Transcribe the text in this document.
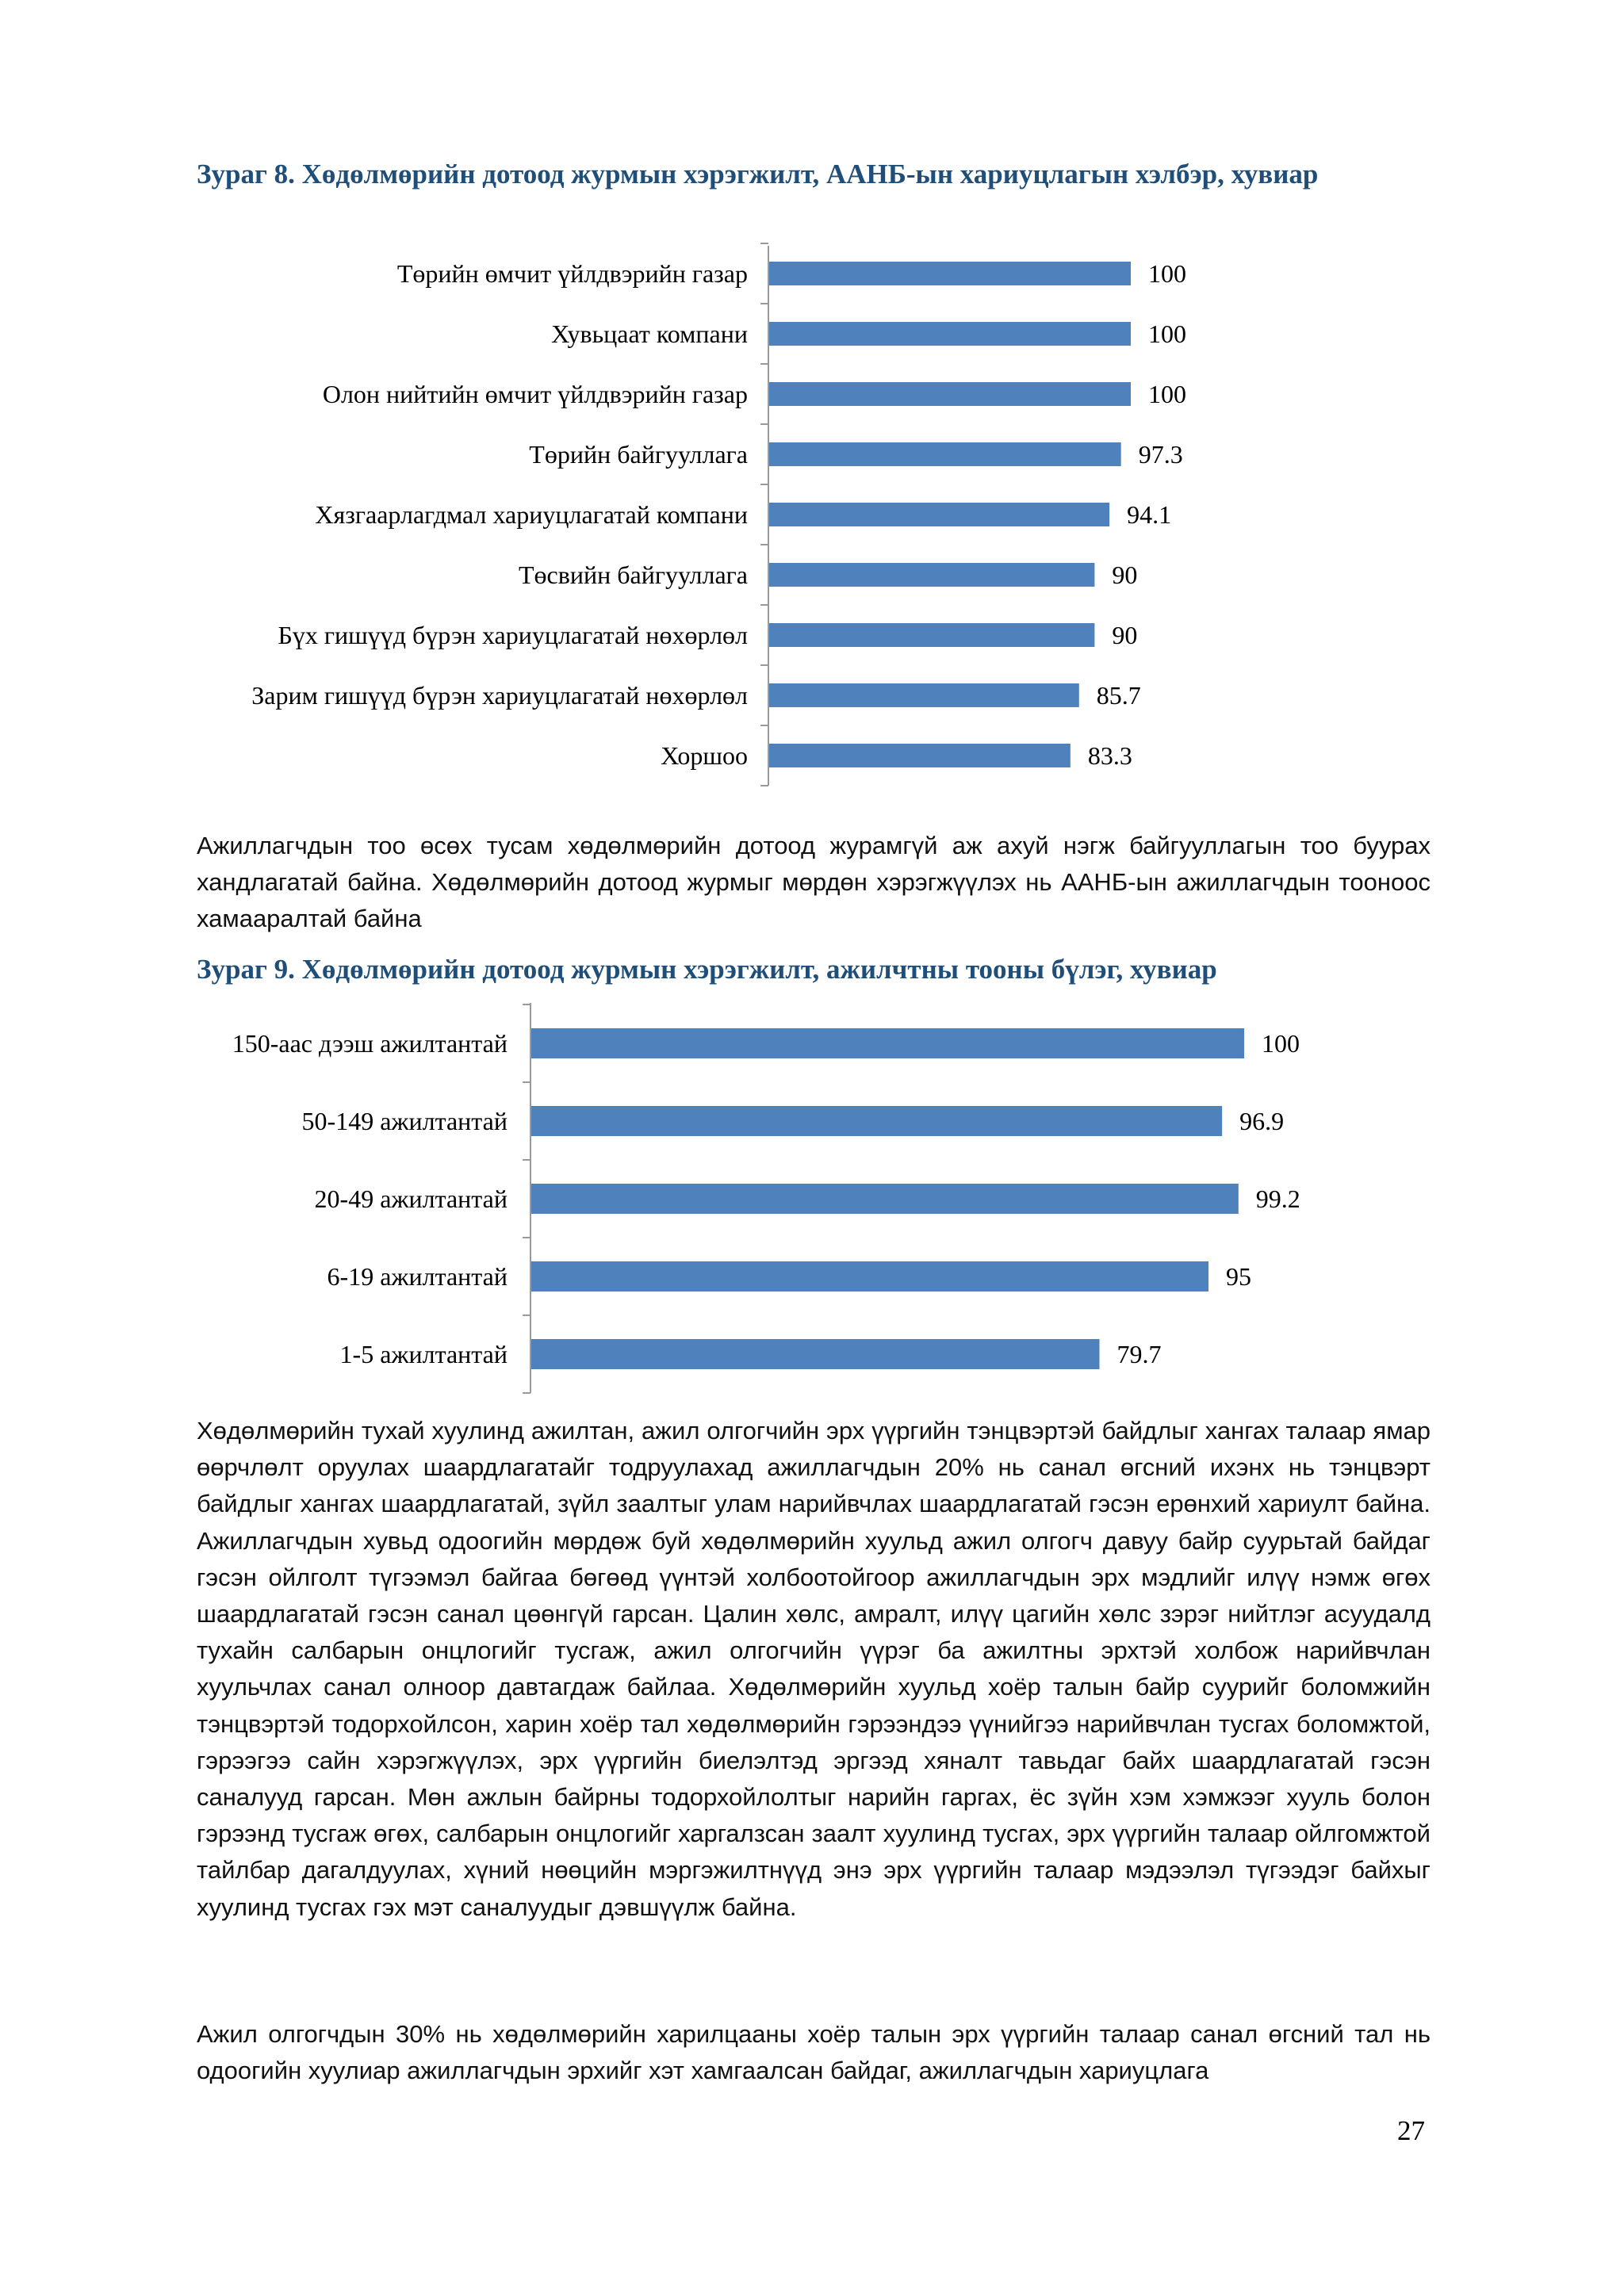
Зураг 8. Хөдөлмөрийн дотоод журмын хэрэгжилт, ААНБ-ын хариуцлагын хэлбэр, хувиар
Төрийн өмчит үйлдвэрийн газар	100
Хувьцаат компани	100
Олон нийтийн өмчит үйлдвэрийн газар	100
Төрийн байгууллага	97.3
Хязгаарлагдмал хариуцлагатай компани	94.1
Төсвийн байгууллага	90
Бүх гишүүд бүрэн хариуцлагатай нөхөрлөл	90
Зарим гишүүд бүрэн хариуцлагатай нөхөрлөл	85.7
Хоршоо	83.3

Ажиллагчдын тоо өсөх тусам хөдөлмөрийн дотоод журамгүй аж ахуй нэгж байгууллагын тоо буурах хандлагатай байна. Хөдөлмөрийн дотоод журмыг мөрдөн хэрэгжүүлэх нь ААНБ-ын ажиллагчдын тооноос хамааралтай байна

Зураг 9. Хөдөлмөрийн дотоод журмын хэрэгжилт, ажилчтны тооны бүлэг, хувиар
150-аас дээш ажилтантай	100
50-149 ажилтантай	96.9
20-49 ажилтантай	99.2
6-19 ажилтантай	95
1-5 ажилтантай	79.7

Хөдөлмөрийн тухай хуулинд ажилтан, ажил олгогчийн эрх үүргийн тэнцвэртэй байдлыг хангах талаар ямар өөрчлөлт оруулах шаардлагатайг тодруулахад ажиллагчдын 20% нь санал өгсний ихэнх нь тэнцвэрт байдлыг хангах шаардлагатай, зүйл заалтыг улам нарийвчлах шаардлагатай гэсэн ерөнхий хариулт байна. Ажиллагчдын хувьд одоогийн мөрдөж буй хөдөлмөрийн хуульд ажил олгогч давуу байр суурьтай байдаг гэсэн ойлголт түгээмэл байгаа бөгөөд үүнтэй холбоотойгоор ажиллагчдын эрх мэдлийг илүү нэмж өгөх шаардлагатай гэсэн санал цөөнгүй гарсан. Цалин хөлс, амралт, илүү цагийн хөлс зэрэг нийтлэг асуудалд тухайн салбарын онцлогийг тусгаж, ажил олгогчийн үүрэг ба ажилтны эрхтэй холбож нарийвчлан хуульчлах санал олноор давтагдаж байлаа. Хөдөлмөрийн хуульд хоёр талын байр суурийг боломжийн тэнцвэртэй тодорхойлсон, харин хоёр тал хөдөлмөрийн гэрээндээ үүнийгээ нарийвчлан тусгах боломжтой, гэрээгээ сайн хэрэгжүүлэх, эрх үүргийн биелэлтэд эргээд хяналт тавьдаг байх шаардлагатай гэсэн саналууд гарсан. Мөн ажлын байрны тодорхойлолтыг нарийн гаргах, ёс зүйн хэм хэмжээг хууль болон гэрээнд тусгаж өгөх, салбарын онцлогийг харгалзсан заалт хуулинд тусгах, эрх үүргийн талаар ойлгомжтой тайлбар дагалдуулах, хүний нөөцийн мэргэжилтнүүд энэ эрх үүргийн талаар мэдээлэл түгээдэг байхыг хуулинд тусгах гэх мэт саналуудыг дэвшүүлж байна.

Ажил олгогчдын 30% нь хөдөлмөрийн харилцааны хоёр талын эрх үүргийн талаар санал өгсний тал нь одоогийн хуулиар ажиллагчдын эрхийг хэт хамгаалсан байдаг, ажиллагчдын хариуцлага

27
